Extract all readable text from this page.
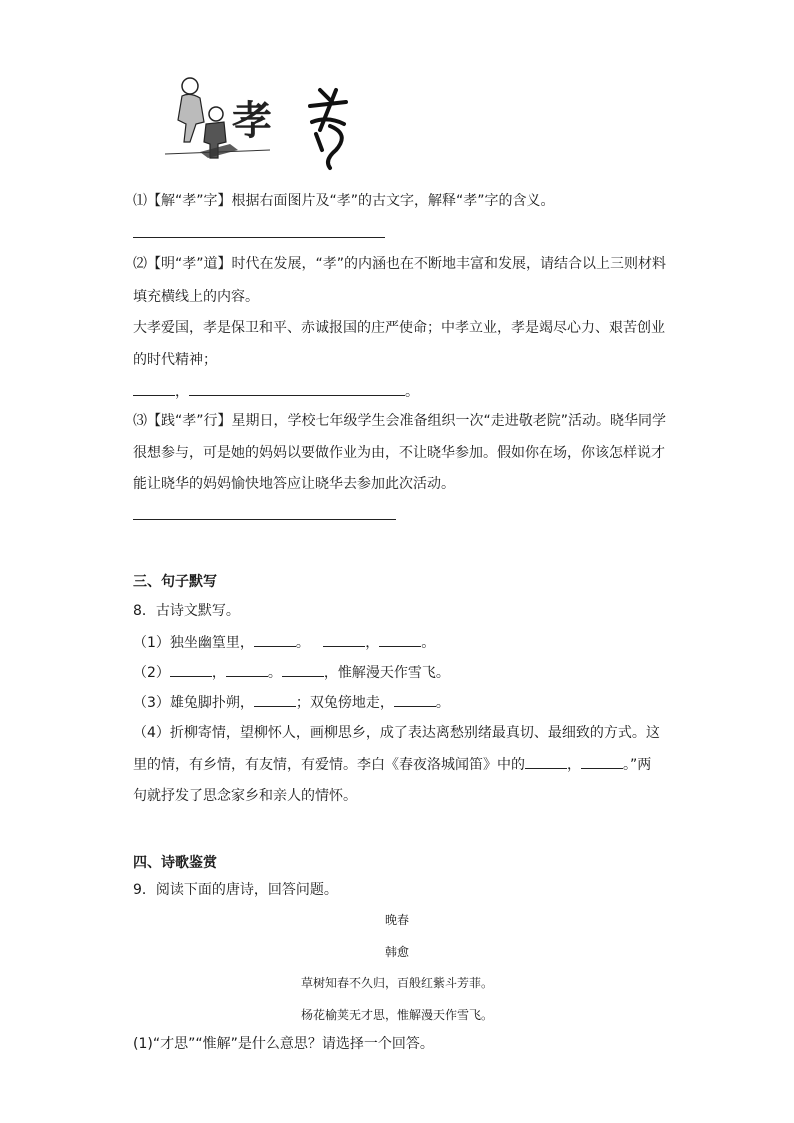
孝
⑴【解“孝”字】根据右面图片及“孝”的古文字，解释“孝”字的含义。
⑵【明“孝”道】时代在发展，“孝”的内涵也在不断地丰富和发展，请结合以上三则材料
填充横线上的内容。
大孝爱国，孝是保卫和平、赤诚报国的庄严使命；中孝立业，孝是竭尽心力、艰苦创业
的时代精神；
，	。
⑶【践“孝”行】星期日，学校七年级学生会准备组织一次“走进敬老院”活动。晓华同学
很想参与，可是她的妈妈以要做作业为由，不让晓华参加。假如你在场，你该怎样说才
能让晓华的妈妈愉快地答应让晓华去参加此次活动。
三、句子默写
8．古诗文默写。
（1）独坐幽篁里，	。	，	。
（2）	，	。	，惟解漫天作雪飞。
（3）雄兔脚扑朔，	；双兔傍地走，	。
（4）折柳寄情，望柳怀人，画柳思乡，成了表达离愁别绪最真切、最细致的方式。这
里的情，有乡情，有友情，有爱情。李白《春夜洛城闻笛》中的	，	。”两
句就抒发了思念家乡和亲人的情怀。
四、诗歌鉴赏
9．阅读下面的唐诗，回答问题。
晚春
韩愈
草树知春不久归，百般红紫斗芳菲。
杨花榆荚无才思，惟解漫天作雪飞。
(1)“才思”“惟解”是什么意思？请选择一个回答。
